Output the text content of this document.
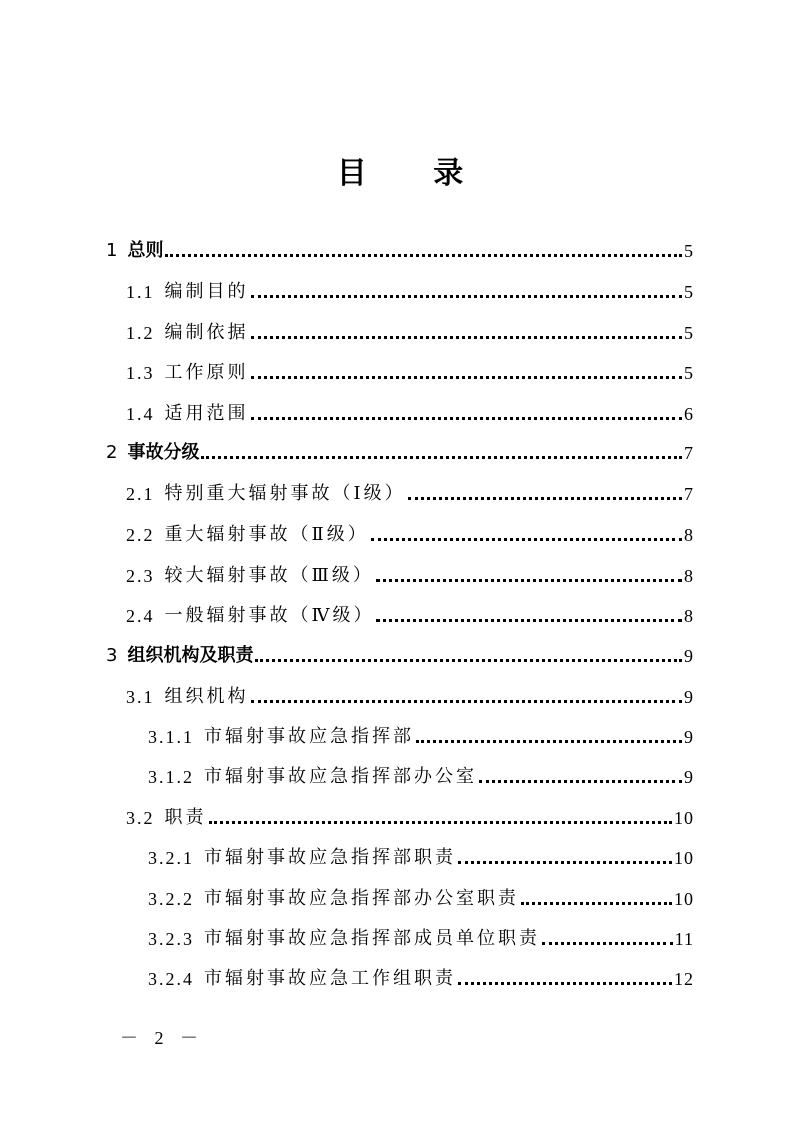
目 录
1 总则	5
1.1 编制目的	5
1.2 编制依据	5
1.3 工作原则	5
1.4 适用范围	6
2 事故分级	7
2.1 特别重大辐射事故（Ⅰ级）	7
2.2 重大辐射事故（Ⅱ级）	8
2.3 较大辐射事故（Ⅲ级）	8
2.4 一般辐射事故（Ⅳ级）	8
3 组织机构及职责	9
3.1 组织机构	9
3.1.1 市辐射事故应急指挥部	9
3.1.2 市辐射事故应急指挥部办公室	9
3.2 职责	10
3.2.1 市辐射事故应急指挥部职责	10
3.2.2 市辐射事故应急指挥部办公室职责	10
3.2.3 市辐射事故应急指挥部成员单位职责	11
3.2.4 市辐射事故应急工作组职责	12
－ 2 －
